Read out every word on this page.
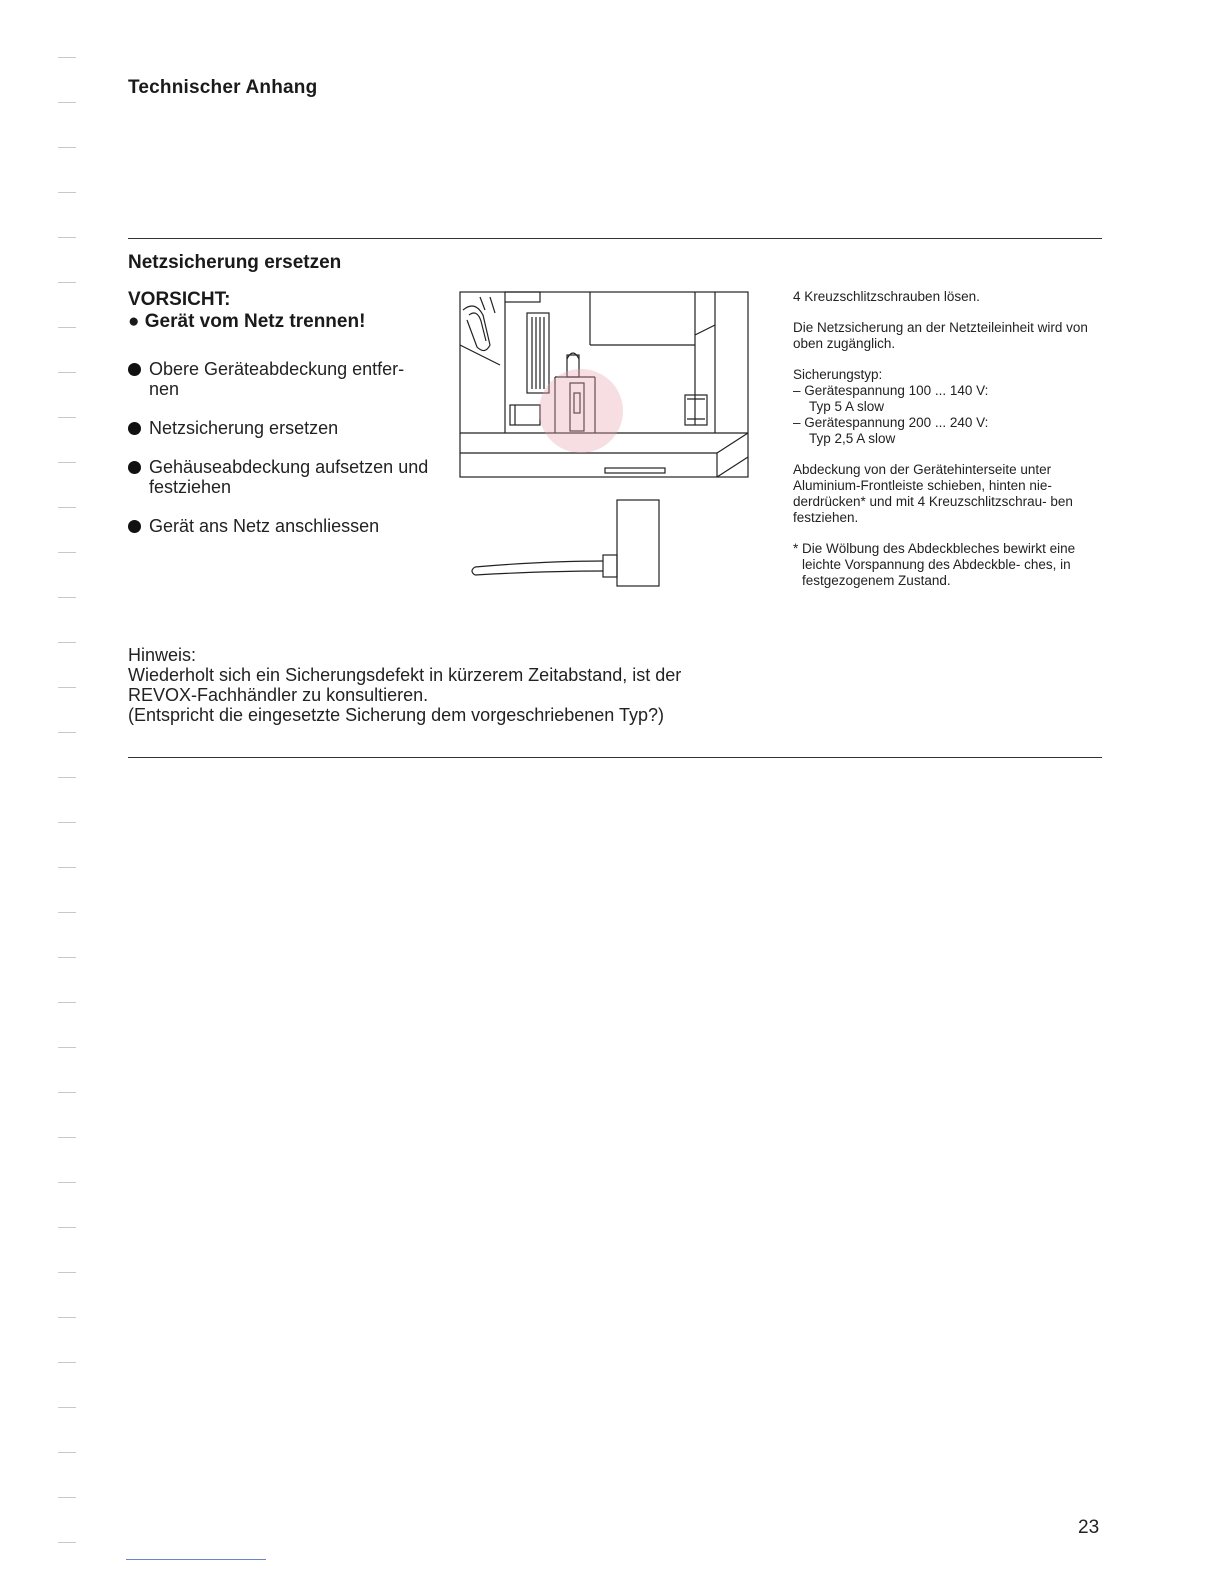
Technischer Anhang
Netzsicherung ersetzen
VORSICHT:
● Gerät vom Netz trennen!
Obere Geräteabdeckung entfer- nen
Netzsicherung ersetzen
Gehäuseabdeckung aufsetzen und festziehen
Gerät ans Netz anschliessen

4 Kreuzschlitzschrauben lösen.

Die Netzsicherung an der Netzteileinheit wird von oben zugänglich.

Sicherungstyp:
– Gerätespannung 100 ... 140 V:
Typ 5 A slow
– Gerätespannung 200 ... 240 V:
Typ 2,5 A slow

Abdeckung von der Gerätehinterseite unter Aluminium-Frontleiste schieben, hinten nie- derdrücken* und mit 4 Kreuzschlitzschrau- ben festziehen.

* Die Wölbung des Abdeckbleches bewirkt eine leichte Vorspannung des Abdeckble- ches, in festgezogenem Zustand.

Hinweis:
Wiederholt sich ein Sicherungsdefekt in kürzerem Zeitabstand, ist der
REVOX-Fachhändler zu konsultieren.
(Entspricht die eingesetzte Sicherung dem vorgeschriebenen Typ?)
23
